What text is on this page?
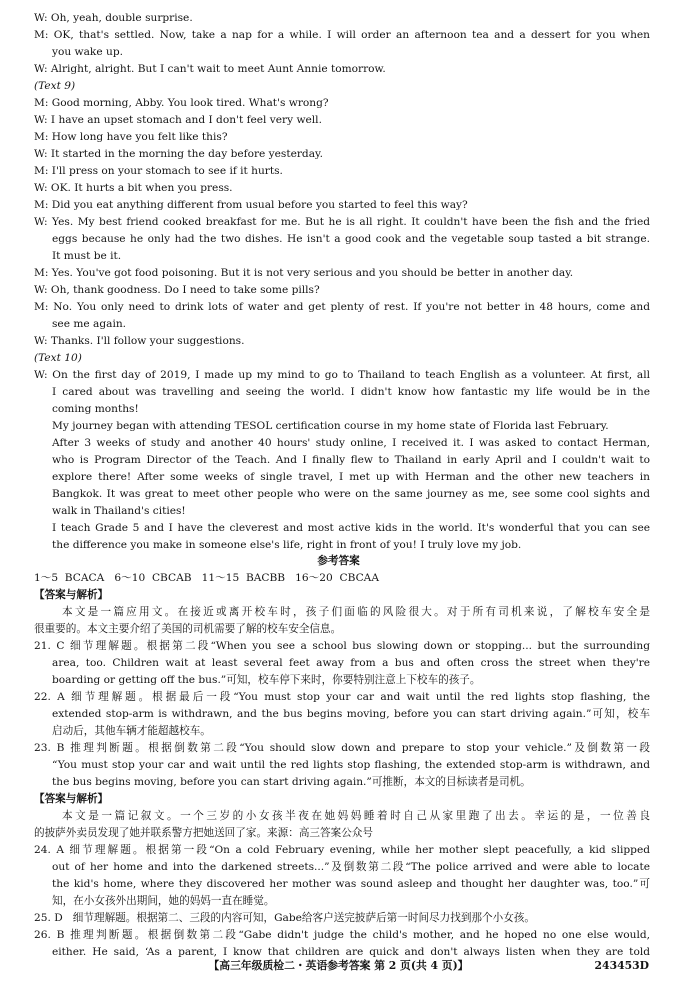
W: Oh, yeah, double surprise.
M: OK, that's settled. Now, take a nap for a while. I will order an afternoon tea and a dessert for you when
you wake up.
W: Alright, alright. But I can't wait to meet Aunt Annie tomorrow.
(Text 9)
M: Good morning, Abby. You look tired. What's wrong?
W: I have an upset stomach and I don't feel very well.
M: How long have you felt like this?
W: It started in the morning the day before yesterday.
M: I'll press on your stomach to see if it hurts.
W: OK. It hurts a bit when you press.
M: Did you eat anything different from usual before you started to feel this way?
W: Yes. My best friend cooked breakfast for me. But he is all right. It couldn't have been the fish and the fried
eggs because he only had the two dishes. He isn't a good cook and the vegetable soup tasted a bit strange.
It must be it.
M: Yes. You've got food poisoning. But it is not very serious and you should be better in another day.
W: Oh, thank goodness. Do I need to take some pills?
M: No. You only need to drink lots of water and get plenty of rest. If you're not better in 48 hours, come and
see me again.
W: Thanks. I'll follow your suggestions.
(Text 10)
W: On the first day of 2019, I made up my mind to go to Thailand to teach English as a volunteer. At first, all
I cared about was travelling and seeing the world. I didn't know how fantastic my life would be in the
coming months!
My journey began with attending TESOL certification course in my home state of Florida last February.
After 3 weeks of study and another 40 hours' study online, I received it. I was asked to contact Herman,
who is Program Director of the Teach. And I finally flew to Thailand in early April and I couldn't wait to
explore there! After some weeks of single travel, I met up with Herman and the other new teachers in
Bangkok. It was great to meet other people who were on the same journey as me, see some cool sights and
walk in Thailand's cities!
I teach Grade 5 and I have the cleverest and most active kids in the world. It's wonderful that you can see
the difference you make in someone else's life, right in front of you! I truly love my job.
参考答案
1～5  BCACA   6～10  CBCAB   11～15  BACBB   16～20  CBCAA
【答案与解析】
本文是一篇应用文。在接近或离开校车时，孩子们面临的风险很大。对于所有司机来说，了解校车安全是
很重要的。本文主要介绍了美国的司机需要了解的校车安全信息。
21. C 细节理解题。根据第二段“When you see a school bus slowing down or stopping... but the surrounding
area, too. Children wait at least several feet away from a bus and often cross the street when they're
boarding or getting off the bus.”可知，校车停下来时，你要特别注意上下校车的孩子。
22. A 细节理解题。根据最后一段“You must stop your car and wait until the red lights stop flashing, the
extended stop-arm is withdrawn, and the bus begins moving, before you can start driving again.”可知，校车
启动后，其他车辆才能超越校车。
23. B 推理判断题。根据倒数第二段“You should slow down and prepare to stop your vehicle.”及倒数第一段
“You must stop your car and wait until the red lights stop flashing, the extended stop-arm is withdrawn, and
the bus begins moving, before you can start driving again.”可推断，本文的目标读者是司机。
【答案与解析】
本文是一篇记叙文。一个三岁的小女孩半夜在她妈妈睡着时自己从家里跑了出去。幸运的是，一位善良
的披萨外卖员发现了她并联系警方把她送回了家。来源：高三答案公众号
24. A 细节理解题。根据第一段“On a cold February evening, while her mother slept peacefully, a kid slipped
out of her home and into the darkened streets...”及倒数第二段“The police arrived and were able to locate
the kid's home, where they discovered her mother was sound asleep and thought her daughter was, too.”可
知，在小女孩外出期间，她的妈妈一直在睡觉。
25. D   细节理解题。根据第二、三段的内容可知，Gabe给客户送完披萨后第一时间尽力找到那个小女孩。
26. B 推理判断题。根据倒数第二段“Gabe didn't judge the child's mother, and he hoped no one else would,
either. He said, ‘As a parent, I know that children are quick and don't always listen when they are told
【高三年级质检二・英语参考答案 第 2 页(共 4 页)】	243453D
